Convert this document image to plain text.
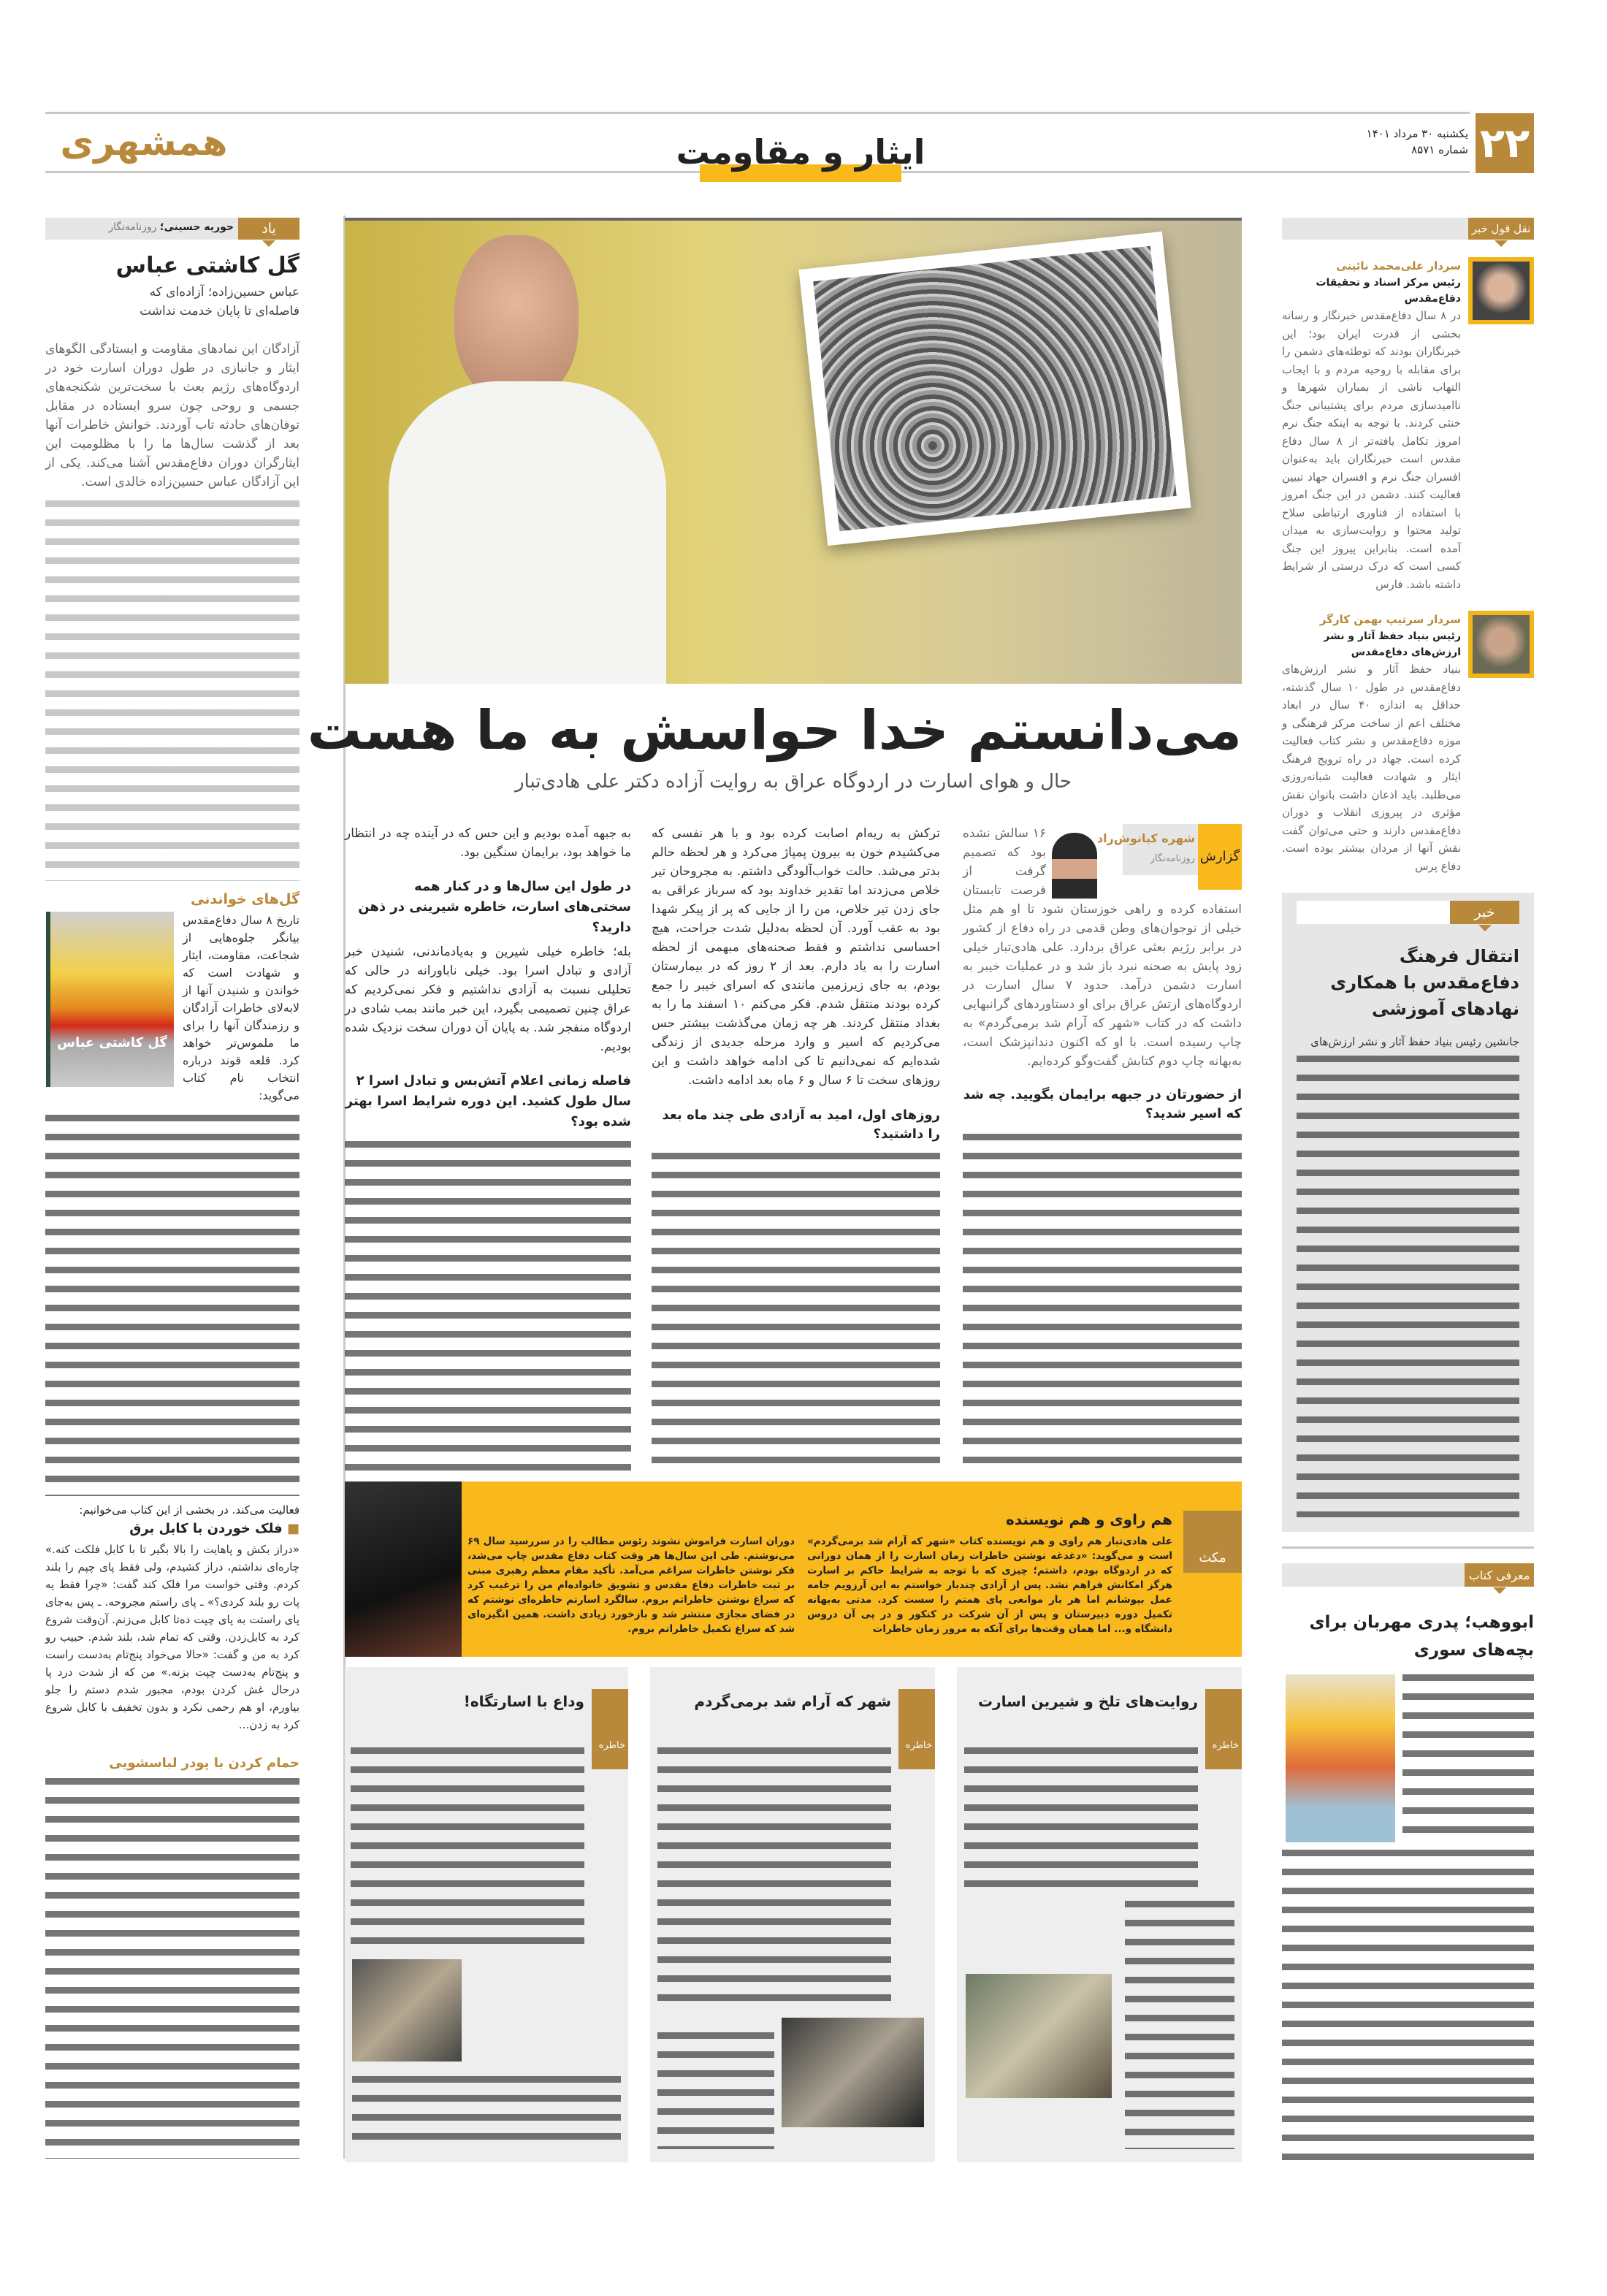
۲۲
یکشنبه ۳۰ مرداد ۱۴۰۱
شماره ۸۵۷۱
همشهری	ایثار و مقاومت
یاد
حوریه حسینی؛ روزنامه‌نگار
گل کاشتی عباس
عباس حسین‌زاده؛ آزاده‌ای که فاصله‌ای تا پایان خدمت نداشت

آزادگان این نمادهای مقاومت و ایستادگی الگوهای ایثار و جانبازی در طول دوران اسارت خود در اردوگاه‌های رژیم بعث با سخت‌ترین شکنجه‌های جسمی و روحی چون سرو ایستاده در مقابل توفان‌های حادثه تاب آوردند. خوانش خاطرات آنها بعد از گذشت سال‌ها ما را با مظلومیت این ایثارگران دوران دفاع‌مقدس آشنا می‌کند. یکی از این آزادگان عباس حسین‌زاده خالدی است.

گل‌های خواندنی

تاریخ ۸ سال دفاع‌مقدس بیانگر جلوه‌هایی از شجاعت، مقاومت، ایثار و شهادت است که خواندن و شنیدن آنها از لابه‌لای خاطرات آزادگان و رزمندگان آنها را برای ما ملموس‌تر خواهد کرد. قلعه قوند درباره انتخاب نام کتاب می‌گوید:

گل کاشتی عباس
فعالیت می‌کند. در بخشی از این کتاب می‌خوانیم:
■ فلک خوردن با کابل برق

«دراز بکش و پاهایت را بالا بگیر تا با کابل فلکت کنه.» چاره‌ای نداشتم، دراز کشیدم، ولی فقط پای چپم را بلند کردم. وقتی خواست مرا فلک کند گفت: «چرا فقط یه پات رو بلند کردی؟» ـ پای راستم مجروحه. ـ پس به‌جای پای راستت به پای چپت ده‌تا کابل می‌زنم. آن‌وقت شروع کرد به کابل‌زدن. وقتی که تمام شد، بلند شدم. حبیب رو کرد به من و گفت: «حالا می‌خواد پنج‌تام به‌دست راست و پنج‌تام به‌دست چپت بزنه.» من که از شدت درد پا درحال غش کردن بودم، مجبور شدم دستم را جلو بیاورم، او هم رحمی نکرد و بدون تخفیف با کابل شروع کرد به زدن...

حمام کردن با پودر لباسشویی
می‌دانستم خدا حواسش به ما هست
حال و هوای اسارت در اردوگاه عراق به روایت آزاده دکتر علی هادی‌تبار

گزارش
شهره کیانوش‌راد
روزنامه‌نگار
۱۶ سالش نشده بود که تصمیم گرفت از فرصت تابستان استفاده کرده و راهی خوزستان شود تا او هم مثل خیلی از نوجوان‌های وطن قدمی در راه دفاع از کشور در برابر رژیم بعثی عراق بردارد. علی هادی‌تبار خیلی زود پایش به صحنه نبرد باز شد و در عملیات خیبر به اسارت دشمن درآمد. حدود ۷ سال اسارت در اردوگاه‌های ارتش عراق برای او دستاوردهای گرانبهایی داشت که در کتاب «شهر که آرام شد برمی‌گردم» به چاپ رسیده است. با او که اکنون دندانپزشک است، به‌بهانه چاپ دوم کتابش گفت‌وگو کرده‌ایم.

از حضورتان در جبهه برایمان بگویید. چه شد که اسیر شدید؟

ترکش به ریه‌ام اصابت کرده بود و با هر نفسی که می‌کشیدم خون به بیرون پمپاژ می‌کرد و هر لحظه حالم بدتر می‌شد. حالت خواب‌آلودگی داشتم. به مجروحان تیر خلاص می‌زدند اما تقدیر خداوند بود که سرباز عراقی به جای زدن تیر خلاص، من را از جایی که پر از پیکر شهدا بود به عقب آورد. آن لحظه به‌دلیل شدت جراحت، هیچ احساسی نداشتم و فقط صحنه‌های مبهمی از لحظه اسارت را به یاد دارم. بعد از ۲ روز که در بیمارستان بودم، به جای زیرزمین مانندی که اسرای خیبر را جمع کرده بودند منتقل شدم. فکر می‌کنم ۱۰ اسفند ما را به بغداد منتقل کردند. هر چه زمان می‌گذشت بیشتر حس می‌کردیم که اسیر و وارد مرحله جدیدی از زندگی شده‌ایم که نمی‌دانیم تا کی ادامه خواهد داشت و این روزهای سخت تا ۶ سال و ۶ ماه بعد ادامه داشت.

روزهای اول، امید به آزادی طی چند ماه بعد را داشتید؟

به جبهه آمده بودیم و این حس که در آینده چه در انتظار ما خواهد بود، برایمان سنگین بود.

در طول این سال‌ها و در کنار همه سختی‌های اسارت، خاطره شیرینی در ذهن دارید؟

بله؛ خاطره خیلی شیرین و به‌یادماندنی، شنیدن خبر آزادی و تبادل اسرا بود. خیلی ناباورانه در حالی که تحلیلی نسبت به آزادی نداشتیم و فکر نمی‌کردیم که عراق چنین تصمیمی بگیرد، این خبر مانند بمب شادی در اردوگاه منفجر شد. به پایان آن دوران سخت نزدیک شده بودیم.

فاصله زمانی اعلام آتش‌بس و تبادل اسرا ۲ سال طول کشید. این دوره شرایط اسرا بهتر شده بود؟
مکث
هم راوی و هم نویسنده

علی هادی‌تبار هم راوی و هم نویسنده کتاب «شهر که آرام شد برمی‌گردم» است و می‌گوید: «دغدغه نوشتن خاطرات زمان اسارت را از همان دورانی که در اردوگاه بودم، داشتم؛ چیزی که با توجه به شرایط حاکم بر اسارت هرگز امکانش فراهم نشد. پس از آزادی چندبار خواستم به این آرزویم جامه عمل بپوشانم اما هر بار موانعی پای همتم را سست کرد. مدتی به‌بهانه تکمیل دوره دبیرستان و پس از آن شرکت در کنکور و در پی آن دروس دانشگاه و... اما همان وقت‌ها برای آنکه به مرور زمان خاطرات

دوران اسارت فراموش نشوند رئوس مطالب را در سررسید سال ۶۹ می‌نوشتم. طی این سال‌ها هر وقت کتاب دفاع مقدس چاپ می‌شد، فکر نوشتن خاطرات سراغم می‌آمد. تأکید مقام معظم رهبری مبنی بر ثبت خاطرات دفاع مقدس و تشویق خانواده‌ام من را ترغیب کرد که سراغ نوشتن خاطراتم بروم. سالگرد اسارتم خاطره‌ای نوشتم که در فضای مجازی منتشر شد و بازخورد زیادی داشت. همین انگیزه‌ای شد که سراغ تکمیل خاطراتم بروم.

خاطره
روایت‌های تلخ و شیرین اسارت
خاطره
شهر که آرام شد برمی‌گردم
خاطره
وداع با اسارتگاه!
نقل قول خبر
سردار علی‌محمد نائینی
رئیس مرکز اسناد و تحقیقات دفاع‌مقدس

در ۸ سال دفاع‌مقدس خبرنگار و رسانه بخشی از قدرت ایران بود؛ این خبرنگاران بودند که توطئه‌های دشمن را برای مقابله با روحیه مردم و با ایجاب التهاب ناشی از بمباران شهرها و ناامیدسازی مردم برای پشتیبانی جنگ خنثی کردند. با توجه به اینکه جنگ نرم امروز تکامل یافته‌تر از ۸ سال دفاع مقدس است خبرنگاران باید به‌عنوان افسران جنگ نرم و افسران جهاد تبیین فعالیت کنند. دشمن در این جنگ امروز با استفاده از فناوری ارتباطی سلاح تولید محتوا و روایت‌سازی به میدان آمده است. بنابراین پیروز این جنگ کسی است که درک درستی از شرایط داشته باشد. فارس

سردار سرتیپ بهمن کارگر
رئیس بنیاد حفظ آثار و نشر ارزش‌های دفاع‌مقدس

بنیاد حفظ آثار و نشر ارزش‌های دفاع‌مقدس در طول ۱۰ سال گذشته، حداقل به اندازه ۴۰ سال در ابعاد مختلف اعم از ساخت مرکز فرهنگی و موزه دفاع‌مقدس و نشر کتاب فعالیت کرده است. جهاد در راه ترویج فرهنگ ایثار و شهادت فعالیت شبانه‌روزی می‌طلبد. باید اذعان داشت بانوان نقش مؤثری در پیروزی انقلاب و دوران دفاع‌مقدس دارند و حتی می‌توان گفت نقش آنها از مردان بیشتر بوده است. دفاع پرس

خبر
انتقال فرهنگ دفاع‌مقدس با همکاری نهادهای آموزشی

جانشین رئیس بنیاد حفظ آثار و نشر ارزش‌های

معرفی کتاب
ابووهب؛ پدری مهربان برای بچه‌های سوری
